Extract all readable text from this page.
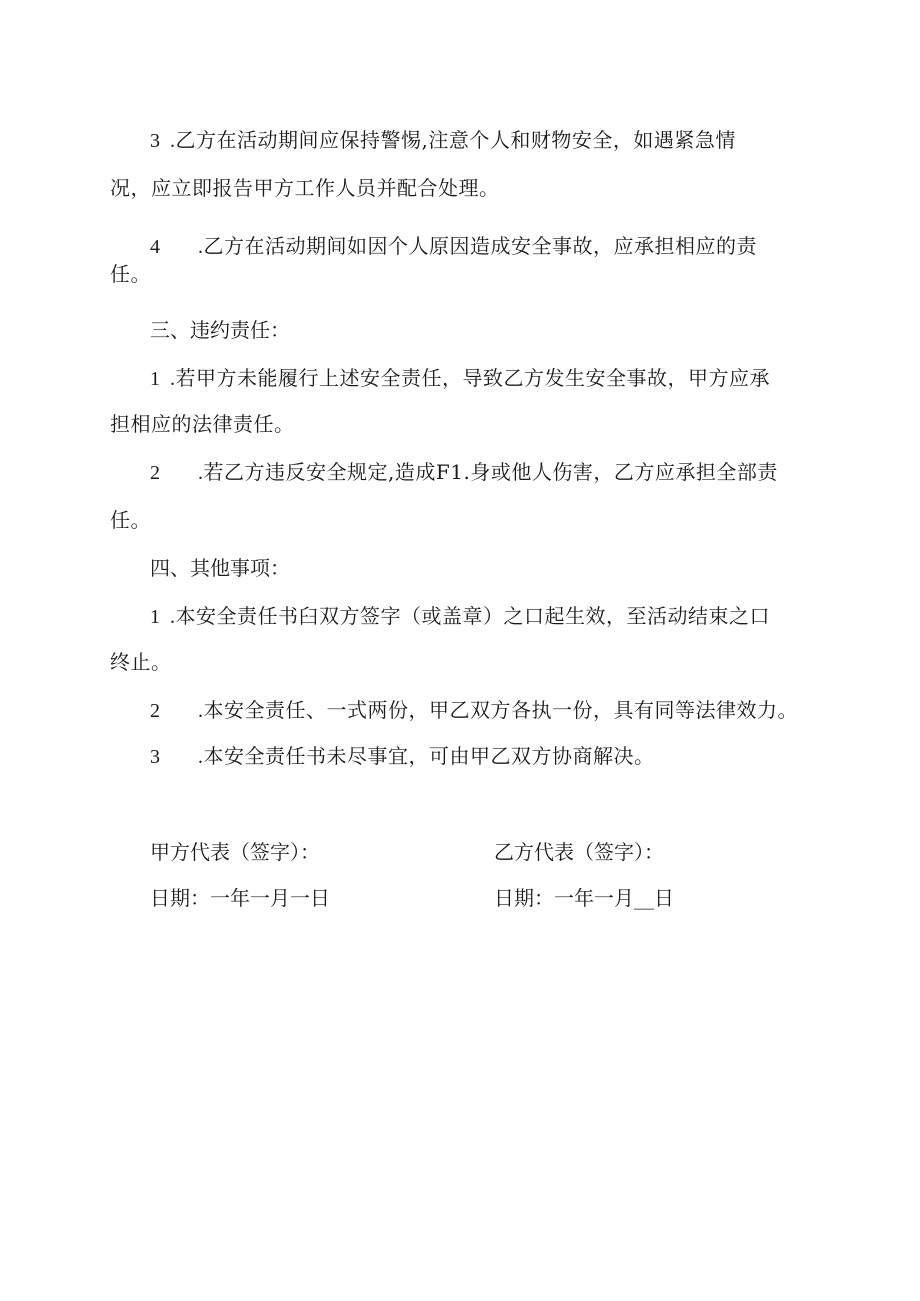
3 .乙方在活动期间应保持警惕,注意个人和财物安全，如遇紧急情
况，应立即报告甲方工作人员并配合处理。
4 .乙方在活动期间如因个人原因造成安全事故，应承担相应的责
任。
三、违约责任：
1 .若甲方未能履行上述安全责任，导致乙方发生安全事故，甲方应承
担相应的法律责任。
2 .若乙方违反安全规定,造成F1.身或他人伤害，乙方应承担全部责
任。
四、其他事项：
1 .本安全责任书臼双方签字（或盖章）之口起生效，至活动结束之口
终止。
2 .本安全责任、一式两份，甲乙双方各执一份，具有同等法律效力。
3 .本安全责任书未尽事宜，可由甲乙双方协商解决。
甲方代表（签字）：	乙方代表（签字）：
日期：一年一月一日	日期：一年一月__日
